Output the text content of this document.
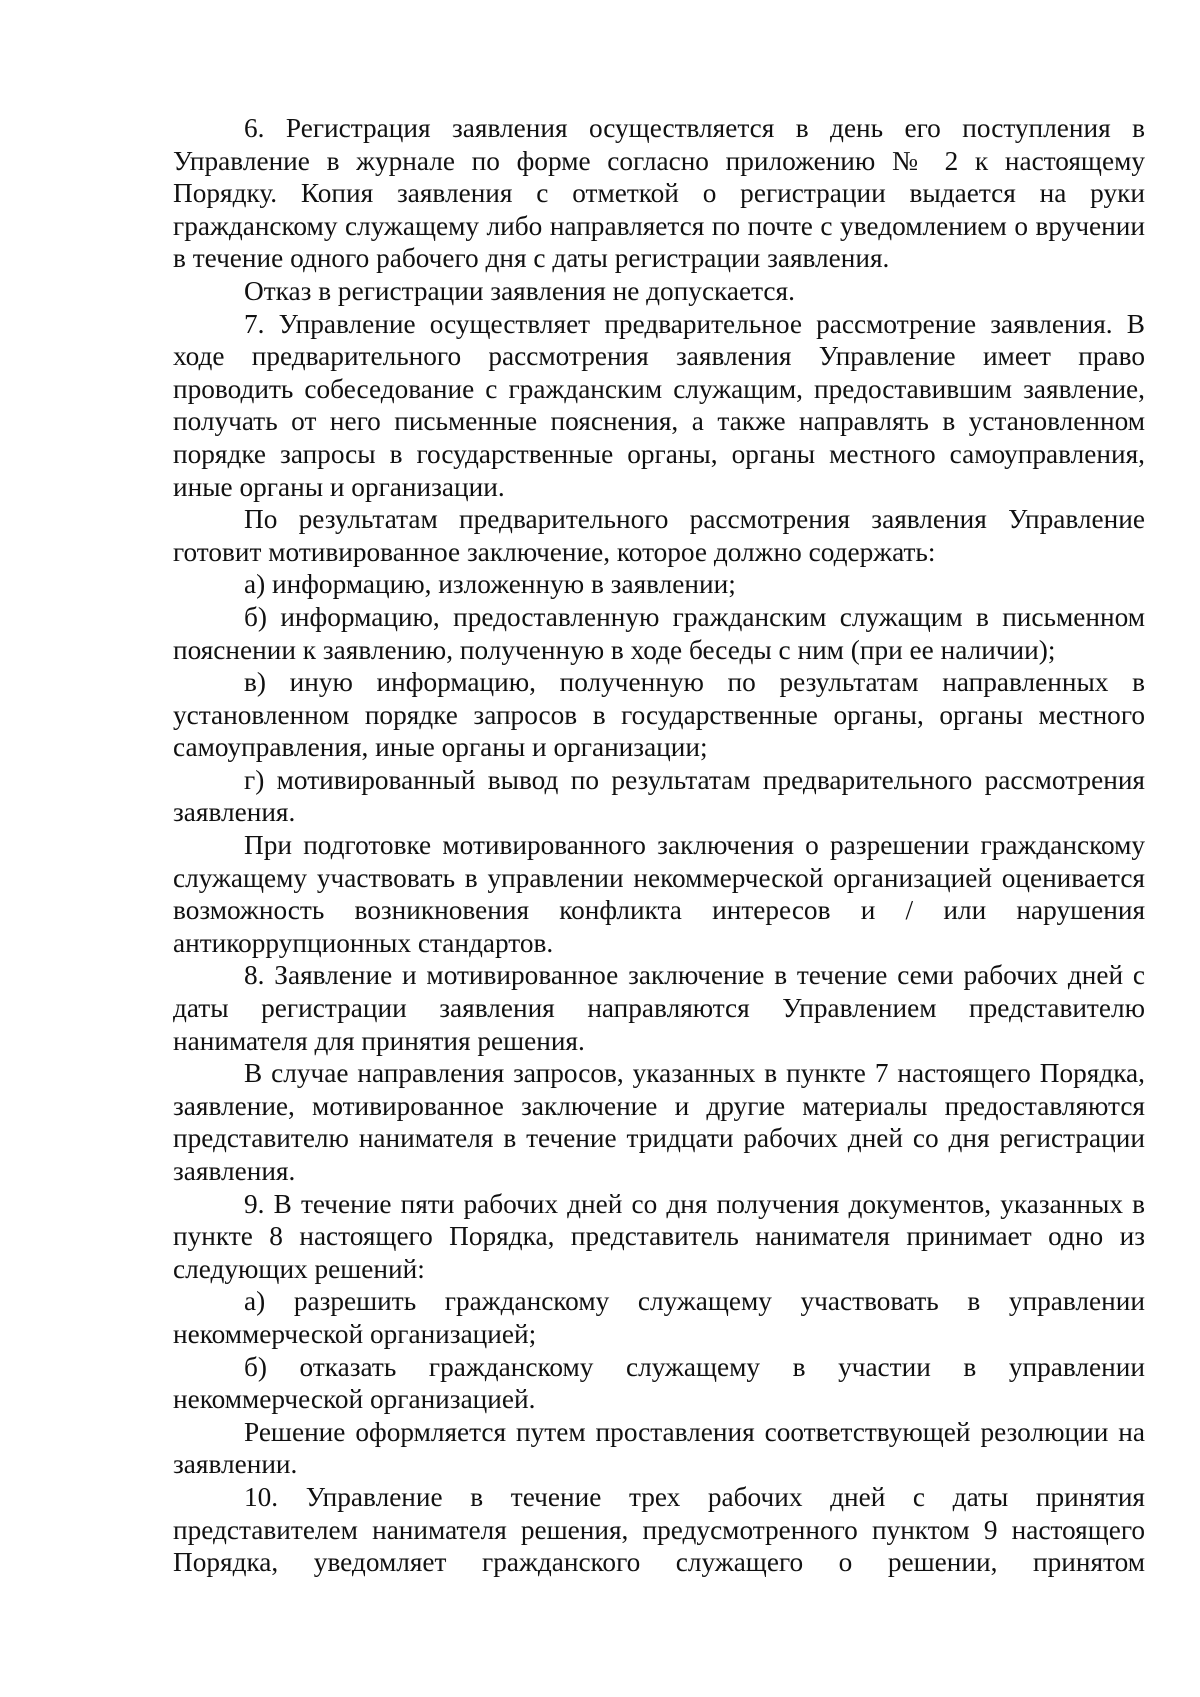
6. Регистрация заявления осуществляется в день его поступления в Управление в журнале по форме согласно приложению № 2 к настоящему Порядку. Копия заявления с отметкой о регистрации выдается на руки гражданскому служащему либо направляется по почте с уведомлением о вручении в течение одного рабочего дня с даты регистрации заявления.

Отказ в регистрации заявления не допускается.

7. Управление осуществляет предварительное рассмотрение заявления. В ходе предварительного рассмотрения заявления Управление имеет право проводить собеседование с гражданским служащим, предоставившим заявление, получать от него письменные пояснения, а также направлять в установленном порядке запросы в государственные органы, органы местного самоуправления, иные органы и организации.

По результатам предварительного рассмотрения заявления Управление готовит мотивированное заключение, которое должно содержать:

а) информацию, изложенную в заявлении;

б) информацию, предоставленную гражданским служащим в письменном пояснении к заявлению, полученную в ходе беседы с ним (при ее наличии);

в) иную информацию, полученную по результатам направленных в установленном порядке запросов в государственные органы, органы местного самоуправления, иные органы и организации;

г) мотивированный вывод по результатам предварительного рассмотрения заявления.

При подготовке мотивированного заключения о разрешении гражданскому служащему участвовать в управлении некоммерческой организацией оценивается возможность возникновения конфликта интересов и / или нарушения антикоррупционных стандартов.

8. Заявление и мотивированное заключение в течение семи рабочих дней с даты регистрации заявления направляются Управлением представителю нанимателя для принятия решения.

В случае направления запросов, указанных в пункте 7 настоящего Порядка, заявление, мотивированное заключение и другие материалы предоставляются представителю нанимателя в течение тридцати рабочих дней со дня регистрации заявления.

9. В течение пяти рабочих дней со дня получения документов, указанных в пункте 8 настоящего Порядка, представитель нанимателя принимает одно из следующих решений:

а) разрешить гражданскому служащему участвовать в управлении некоммерческой организацией;

б) отказать гражданскому служащему в участии в управлении некоммерческой организацией.

Решение оформляется путем проставления соответствующей резолюции на заявлении.

10. Управление в течение трех рабочих дней с даты принятия представителем нанимателя решения, предусмотренного пунктом 9 настоящего Порядка, уведомляет гражданского служащего о решении, принятом
